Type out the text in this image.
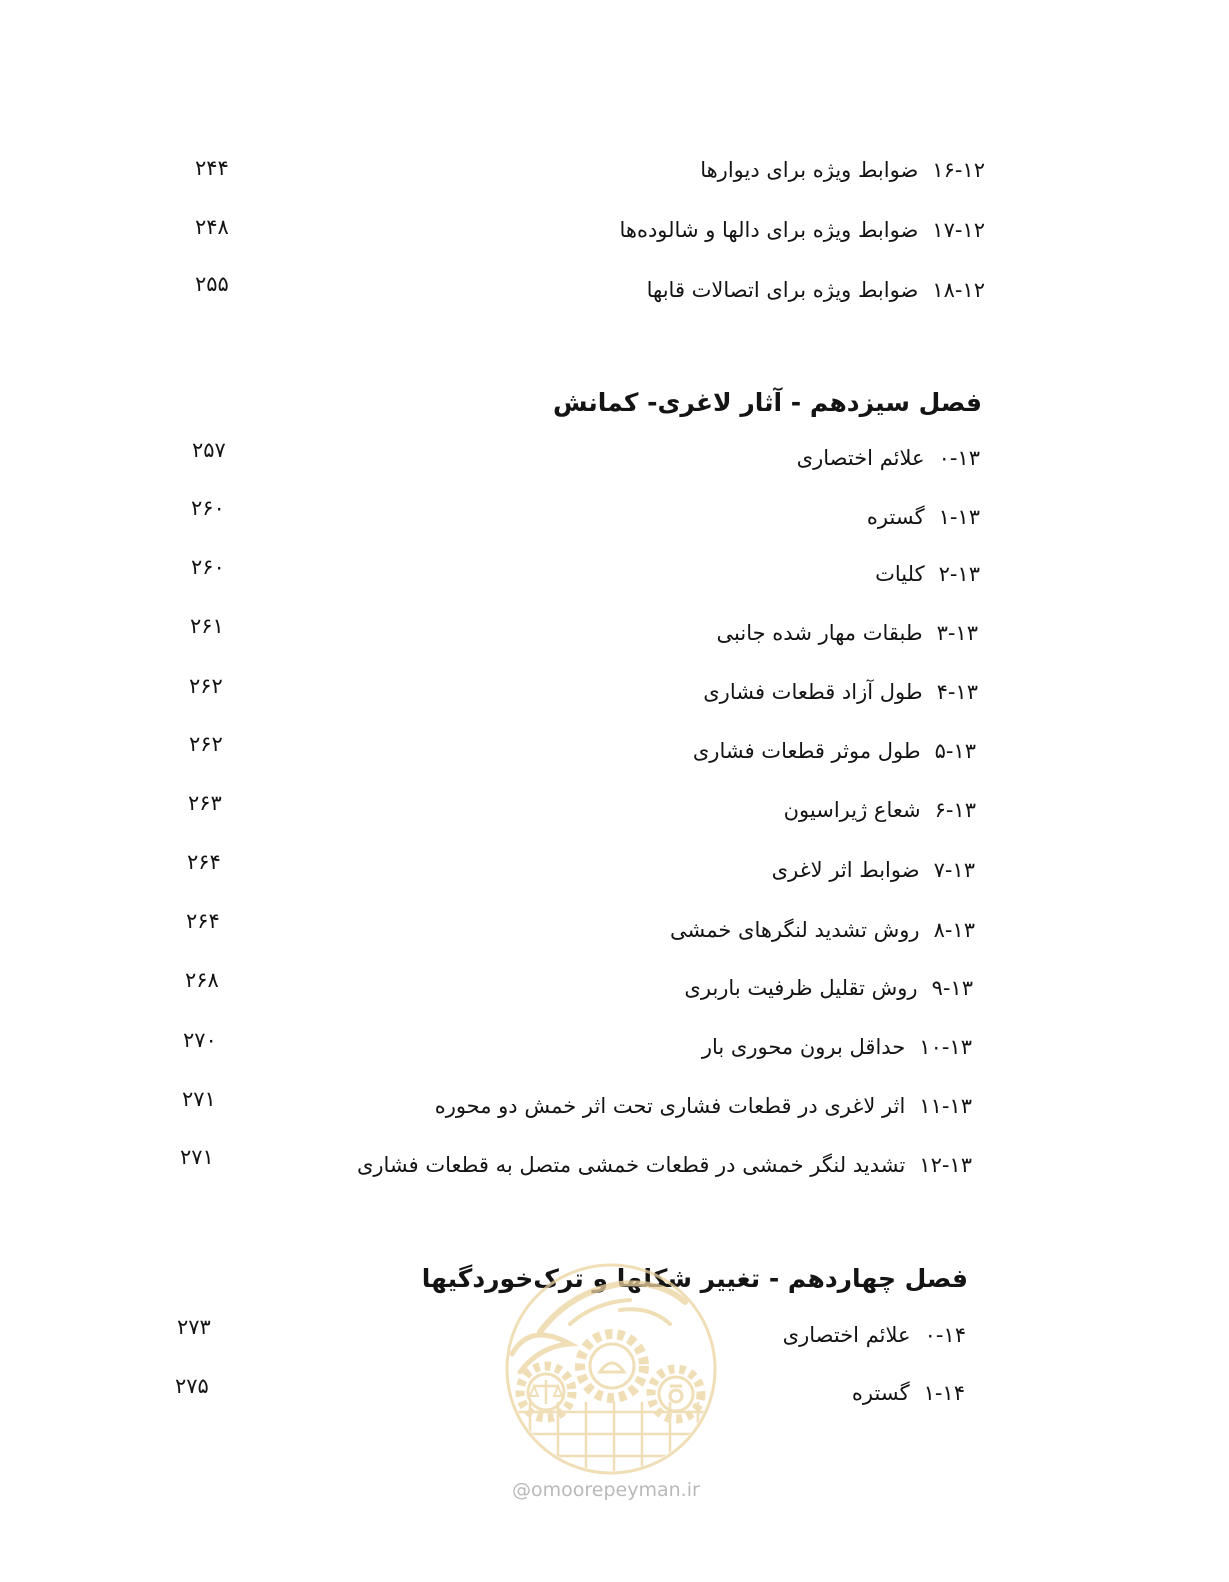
۱۶-۱۲
ضوابط ویژه برای دیوارها
۲۴۴
۱۷-۱۲
ضوابط ویژه برای دالها و شالوده‌ها
۲۴۸
۱۸-۱۲
ضوابط ویژه برای اتصالات قابها
۲۵۵
فصل سیزدهم - آثار لاغری- کمانش
۰-۱۳
علائم اختصاری
۲۵۷
۱-۱۳
گستره
۲۶۰
۲-۱۳
کلیات
۲۶۰
۳-۱۳
طبقات مهار شده جانبی
۲۶۱
۴-۱۳
طول آزاد قطعات فشاری
۲۶۲
۵-۱۳
طول موثر قطعات فشاری
۲۶۲
۶-۱۳
شعاع ژیراسیون
۲۶۳
۷-۱۳
ضوابط اثر لاغری
۲۶۴
۸-۱۳
روش تشدید لنگرهای خمشی
۲۶۴
۹-۱۳
روش تقلیل ظرفیت باربری
۲۶۸
۱۰-۱۳
حداقل برون محوری بار
۲۷۰
۱۱-۱۳
اثر لاغری در قطعات فشاری تحت اثر خمش دو محوره
۲۷۱
۱۲-۱۳
تشدید لنگر خمشی در قطعات خمشی متصل به قطعات فشاری
۲۷۱
فصل چهاردهم - تغییر شکلها و ترک‌خوردگیها
۰-۱۴
علائم اختصاری
۲۷۳
۱-۱۴
گستره
۲۷۵
@omoorepeyman.ir
